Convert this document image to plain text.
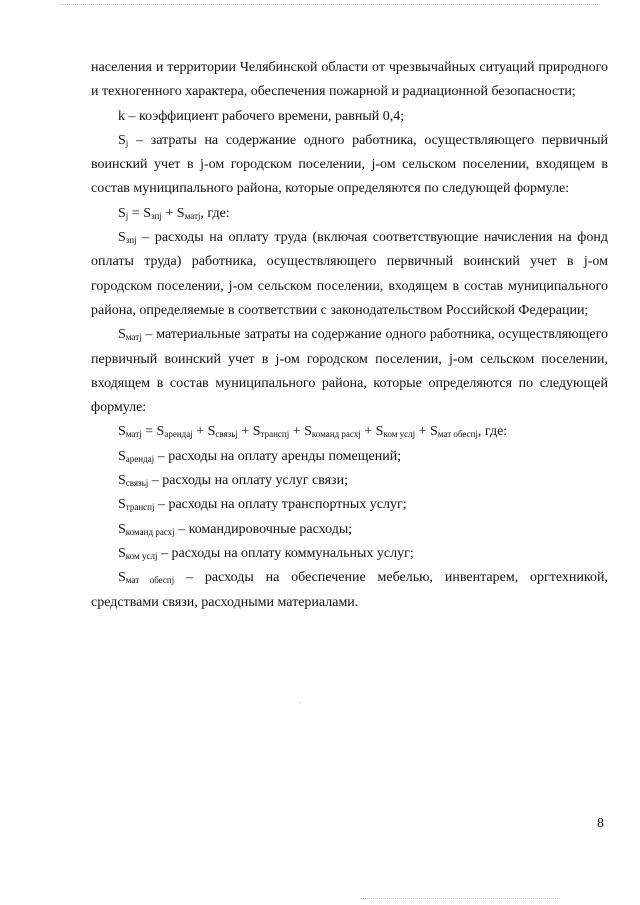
населения и территории Челябинской области от чрезвычайных ситуаций природного и техногенного характера, обеспечения пожарной и радиационной безопасности;

k – коэффициент рабочего времени, равный 0,4;

$S_j$ – затраты на содержание одного работника, осуществляющего первичный воинский учет в j-ом городском поселении, j-ом сельском поселении, входящем в состав муниципального района, которые определяются по следующей формуле:

$S_j = S_{зпj} + S_{матj}$, где:

$S_{зпj}$ – расходы на оплату труда (включая соответствующие начисления на фонд оплаты труда) работника, осуществляющего первичный воинский учет в j-ом городском поселении, j-ом сельском поселении, входящем в состав муниципального района, определяемые в соответствии с законодательством Российской Федерации;

$S_{матj}$ – материальные затраты на содержание одного работника, осуществляющего первичный воинский учет в j-ом городском поселении, j-ом сельском поселении, входящем в состав муниципального района, которые определяются по следующей формуле:

$S_{матj} = S_{арендаj} + S_{связьj} + S_{транспj} + S_{команд расхj} + S_{ком услj} + S_{мат обеспj}$, где:

$S_{арендаj}$ – расходы на оплату аренды помещений;

$S_{связьj}$ – расходы на оплату услуг связи;

$S_{транспj}$ – расходы на оплату транспортных услуг;

$S_{команд расхj}$ – командировочные расходы;

$S_{ком услj}$ – расходы на оплату коммунальных услуг;

$S_{мат обеспj}$ – расходы на обеспечение мебелью, инвентарем, оргтехникой, средствами связи, расходными материалами.

8
